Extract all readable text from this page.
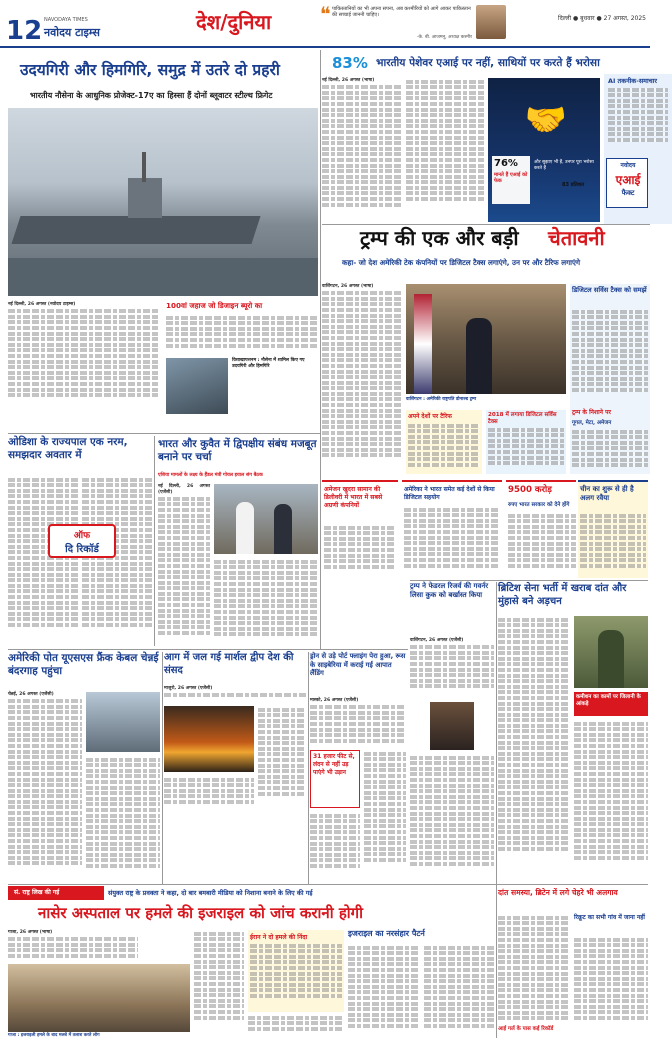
12 नवोदय टाइम्स
NAVODAYA TIMES	देश/दुनिया	❝ पाकिस्तानियों का भी अपना सपना, अब कश्मीरियों को आगे आकर पाकिस्तान की सच्चाई जाननी चाहिए।
-के. बी. आजमनू, अध्यक्ष कश्मीर
दिल्ली ● बुधवार ● 27 अगस्त, 2025
उदयगिरी और हिमगिरि, समुद्र में उतरे दो प्रहरी
भारतीय नौसेना के आधुनिक प्रोजेक्ट-17ए का हिस्सा हैं दोनों ब्लूवाटर स्टील्थ फ्रिगेट
नई दिल्ली, 26 अगस्त (नवोदय टाइम्स)	100वां जहाज जो डिजाइन ब्यूरो का
विशाखापत्तनम : नौसेना में शामिल किए गए उदयगिरी और हिमगिरि
83% भारतीय पेशेवर एआई पर नहीं, साथियों पर करते हैं भरोसा
नई दिल्ली, 26 अगस्त (भाषा)
🤝
76%
मानते हैं एआई को फेक
और सुझाए भी हैं, उनपर पूरा भरोसा करते हैं
83 प्रतिशत
AI तकनीक-समाचार
नवोदय
एआई
फैक्ट
ट्रम्प की एक और बड़ी	चेतावनी
कहा- जो देश अमेरिकी टेक कंपनियों पर डिजिटल टैक्स लगाएंगे, उन पर और टैरिफ लगाएंगे
वाशिंगटन, 26 अगस्त (भाषा)
वाशिंगटन : अमेरिकी राष्ट्रपति डोनाल्ड ट्रम्प
अपने देशों पर टैरिफ	2018 में लगाया डिजिटल सर्विस टैक्स
डिजिटल सर्विस टैक्स को समझें
ट्रम्प के निशाने पर
गूगल, मेटा, अमेजन
ओडिशा के राज्यपाल एक नरम, समझदार अवतार में
ऑफ
दि रिकॉर्ड
भारत और कुवैत में द्विपक्षीय संबंध मजबूत बनाने पर चर्चा
एशिया मामलों के लक्ष्य के हैंडल मंत्री गोयल इयाल संग बैठक
नई दिल्ली, 26 अगस्त (एजेंसी)	अमेजन खुदरा सामान की डिलीवरी में भारत में सबसे अग्रणी कंपनियों
अमेरिका ने भारत समेत कई देशों से किया डिजिटल सहयोग
9500 करोड़
रुपए भारत सरकार को देने होंगे
चीन का शुरू से ही है अलग रवैया
अमेरिकी पोत यूएसएस फ्रैंक केबल चेन्नई बंदरगाह पहुंचा
चेन्नई, 26 अगस्त (एजेंसी)
आग में जल गई मार्शल द्वीप देश की संसद
माजुरो, 26 अगस्त (एजेंसी)
ड्रोन से उड़े पोर्ट फ्लाइंग पेरा हुआ, रूस के साइबेरिया में कराई गई आपात लैंडिंग
मास्को, 26 अगस्त (एजेंसी)
31 हजार फीट से, लंदन से नहीं उड़ पाएंगे भी उड़ान
ट्रम्प ने फेडरल रिजर्व की गवर्नर लिसा कुक को बर्खास्त किया
वाशिंगटन, 26 अगस्त (एजेंसी)
ब्रिटिश सेना भर्ती में खराब दांत और मुंहासे बने अड़चन
कमीशन का कामों पर जिलानी के आंकड़े
सं. राष्ट्र लिख की गई	संयुक्त राष्ट्र के प्रवक्ता ने कहा, दो बार बमबारी मीडिया को निशाना बनाने के लिए की गई
नासेर अस्पताल पर हमले की इजराइल को जांच करानी होगी
गाजा, 26 अगस्त (भाषा)
गाजा : इजराइली हमले के बाद मलबे में तलाश करते लोग
ईरान ने दो हमले की निंदा	इजराइल का नरसंहार पैटर्न
दांत समस्या, ब्रिटेन में लगे चेहरे भी अलगाव
रिक्रूट का सभी गांव में जाना नहीं
आई गर्ल के पास कई रिकॉर्ड
